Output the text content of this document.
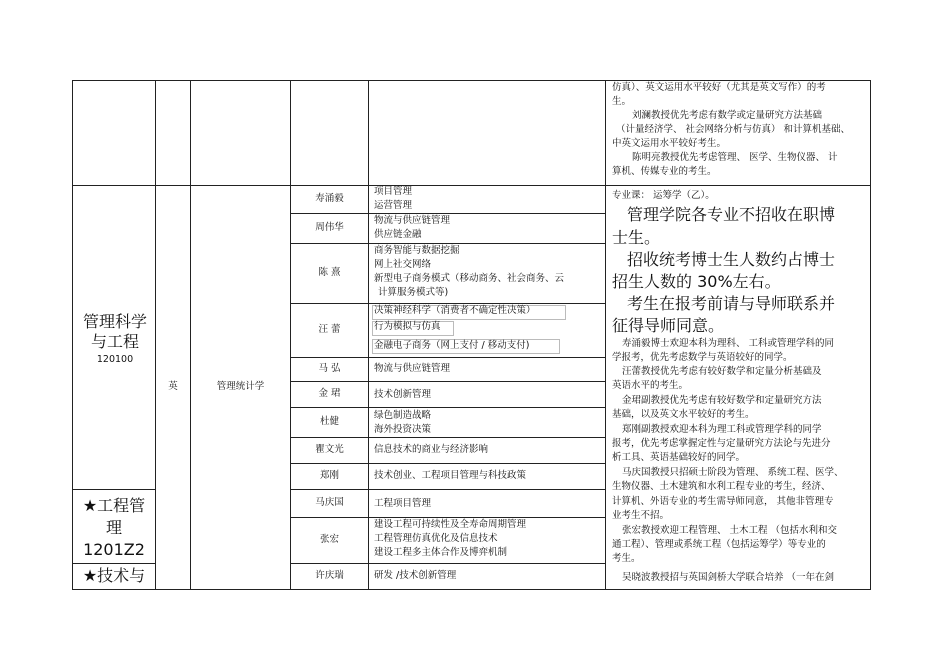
仿真）、英文运用水平较好（尤其是英文写作）的考
生。
刘澜教授优先考虑有数学或定量研究方法基础
（计量经济学、 社会网络分析与仿真） 和计算机基础、
中英文运用水平较好考生。
陈明亮教授优先考虑管理、 医学、生物仪器、 计
算机、传媒专业的考生。
管理科学
与工程
120100
★工程管
理
1201Z2
★技术与
英	管理统计学
寿涌毅
周伟华
陈 熹
汪 蕾
马 弘
金 珺
杜健
瞿文光
郑刚
马庆国
张宏
许庆瑞
项目管理
运营管理
物流与供应链管理
供应链金融
商务智能与数据挖掘
网上社交网络
新型电子商务模式（移动商务、社会商务、云
计算服务模式等)
决策神经科学（消费者不确定性决策）
行为模拟与仿真
金融电子商务（网上支付 / 移动支付)
物流与供应链管理
技术创新管理
绿色制造战略
海外投资决策
信息技术的商业与经济影响
技术创业、工程项目管理与科技政策
工程项目管理
建设工程可持续性及全寿命周期管理
工程管理仿真优化及信息技术
建设工程多主体合作及博弈机制
研发 /技术创新管理
专业课： 运筹学（乙）。
管理学院各专业不招收在职博
士生。
招收统考博士生人数约占博士
招生人数的 30%左右。
考生在报考前请与导师联系并
征得导师同意。
寿涌毅博士欢迎本科为理科、 工科或管理学科的同
学报考，优先考虑数学与英语较好的同学。
汪蕾教授优先考虑有较好数学和定量分析基础及
英语水平的考生。
金珺副教授优先考虑有较好数学和定量研究方法
基础，以及英文水平较好的考生。
郑刚副教授欢迎本科为理工科或管理学科的同学
报考，优先考虑掌握定性与定量研究方法论与先进分
析工具、英语基础较好的同学。
马庆国教授只招硕士阶段为管理、 系统工程、医学、
生物仪器、土木建筑和水利工程专业的考生，经济、
计算机、外语专业的考生需导师同意， 其他非管理专
业考生不招。
张宏教授欢迎工程管理、 土木工程 （包括水利和交
通工程）、管理或系统工程（包括运筹学）等专业的
考生。
吴晓波教授招与英国剑桥大学联合培养 （一年在剑
